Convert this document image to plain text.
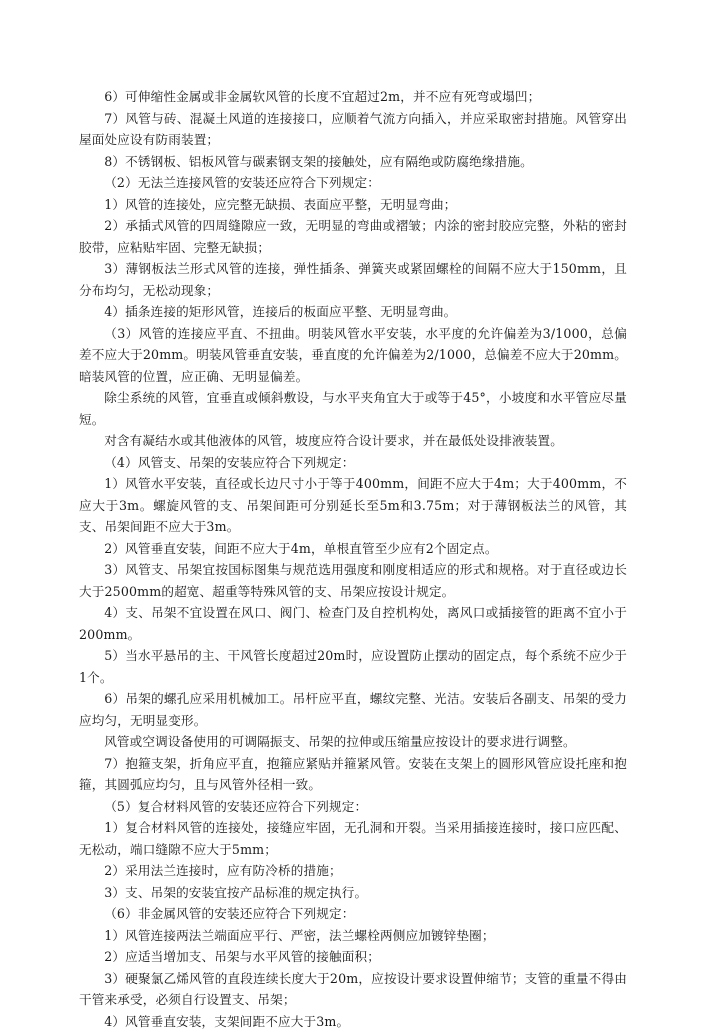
6）可伸缩性金属或非金属软风管的长度不宜超过2m，并不应有死弯或塌凹；

7）风管与砖、混凝土风道的连接接口，应顺着气流方向插入，并应采取密封措施。风管穿出屋面处应设有防雨装置；

8）不锈钢板、铝板风管与碳素钢支架的接触处，应有隔绝或防腐绝缘措施。

（2）无法兰连接风管的安装还应符合下列规定：

1）风管的连接处，应完整无缺损、表面应平整，无明显弯曲；

2）承插式风管的四周缝隙应一致，无明显的弯曲或褶皱；内涂的密封胶应完整，外粘的密封胶带，应粘贴牢固、完整无缺损；

3）薄钢板法兰形式风管的连接，弹性插条、弹簧夹或紧固螺栓的间隔不应大于150mm，且分布均匀，无松动现象；

4）插条连接的矩形风管，连接后的板面应平整、无明显弯曲。

（3）风管的连接应平直、不扭曲。明装风管水平安装，水平度的允许偏差为3/1000，总偏差不应大于20mm。明装风管垂直安装，垂直度的允许偏差为2/1000，总偏差不应大于20mm。暗装风管的位置，应正确、无明显偏差。

除尘系统的风管，宜垂直或倾斜敷设，与水平夹角宜大于或等于45°，小坡度和水平管应尽量短。

对含有凝结水或其他液体的风管，坡度应符合设计要求，并在最低处设排液装置。

（4）风管支、吊架的安装应符合下列规定：

1）风管水平安装，直径或长边尺寸小于等于400mm，间距不应大于4m；大于400mm，不应大于3m。螺旋风管的支、吊架间距可分别延长至5m和3.75m；对于薄钢板法兰的风管，其支、吊架间距不应大于3m。

2）风管垂直安装，间距不应大于4m，单根直管至少应有2个固定点。

3）风管支、吊架宜按国标图集与规范选用强度和刚度相适应的形式和规格。对于直径或边长大于2500mm的超宽、超重等特殊风管的支、吊架应按设计规定。

4）支、吊架不宜设置在风口、阀门、检查门及自控机构处，离风口或插接管的距离不宜小于200mm。

5）当水平悬吊的主、干风管长度超过20m时，应设置防止摆动的固定点，每个系统不应少于1个。

6）吊架的螺孔应采用机械加工。吊杆应平直，螺纹完整、光洁。安装后各副支、吊架的受力应均匀，无明显变形。

风管或空调设备使用的可调隔振支、吊架的拉伸或压缩量应按设计的要求进行调整。

7）抱箍支架，折角应平直，抱箍应紧贴并箍紧风管。安装在支架上的圆形风管应设托座和抱箍，其圆弧应均匀，且与风管外径相一致。

（5）复合材料风管的安装还应符合下列规定：

1）复合材料风管的连接处，接缝应牢固，无孔洞和开裂。当采用插接连接时，接口应匹配、无松动，端口缝隙不应大于5mm；

2）采用法兰连接时，应有防冷桥的措施；

3）支、吊架的安装宜按产品标准的规定执行。

（6）非金属风管的安装还应符合下列规定：

1）风管连接两法兰端面应平行、严密，法兰螺栓两侧应加镀锌垫圈；

2）应适当增加支、吊架与水平风管的接触面积；

3）硬聚氯乙烯风管的直段连续长度大于20m，应按设计要求设置伸缩节；支管的重量不得由干管来承受，必须自行设置支、吊架；

4）风管垂直安装，支架间距不应大于3m。
